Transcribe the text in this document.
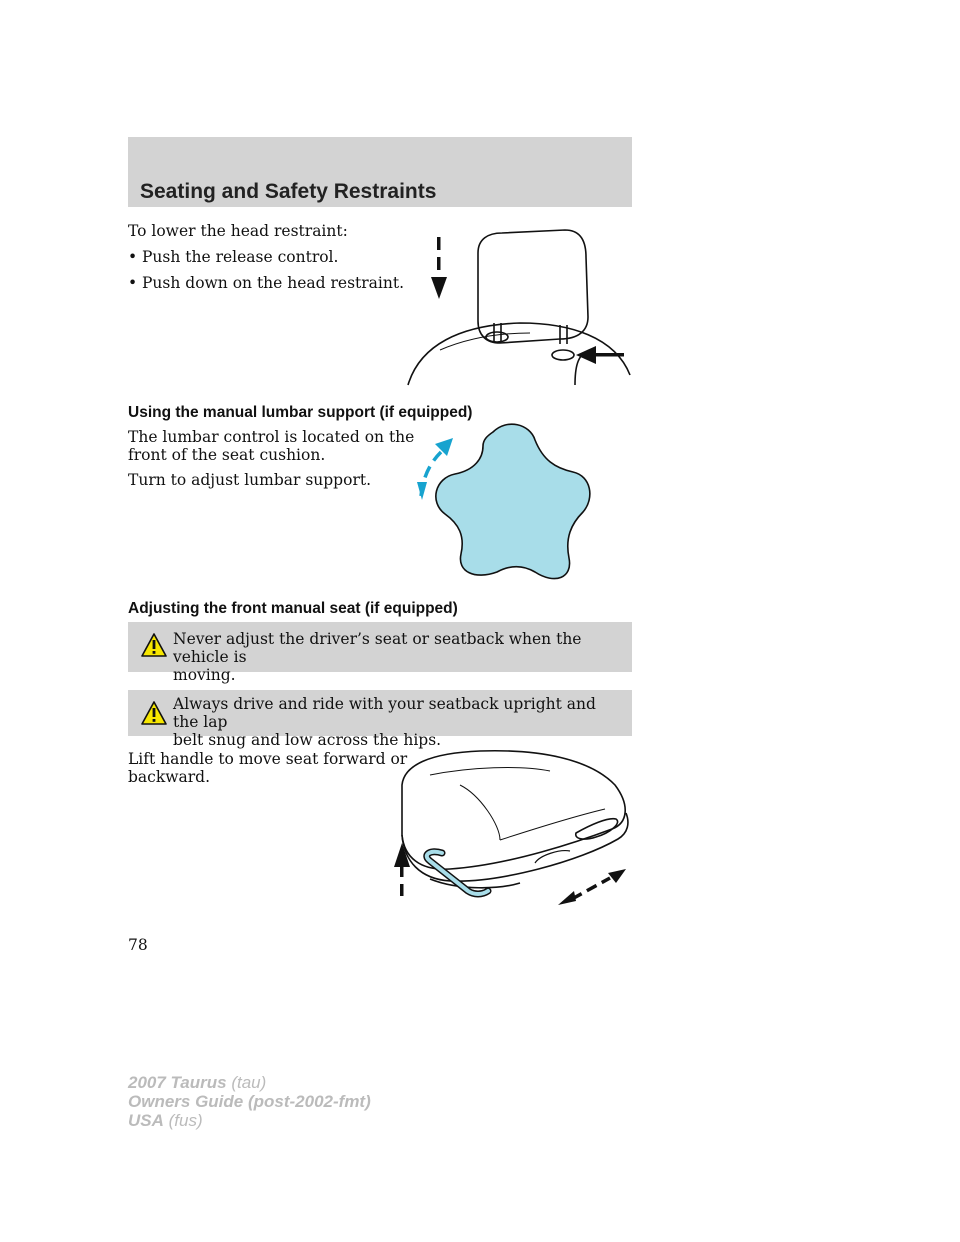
Seating and Safety Restraints
To lower the head restraint:
• Push the release control.
• Push down on the head restraint.
Using the manual lumbar support (if equipped)
The lumbar control is located on the
front of the seat cushion.
Turn to adjust lumbar support.
Adjusting the front manual seat (if equipped)
Never adjust the driver’s seat or seatback when the vehicle is
moving.
Always drive and ride with your seatback upright and the lap
belt snug and low across the hips.
Lift handle to move seat forward or
backward.
78
2007 Taurus (tau)
Owners Guide (post-2002-fmt)
USA (fus)
